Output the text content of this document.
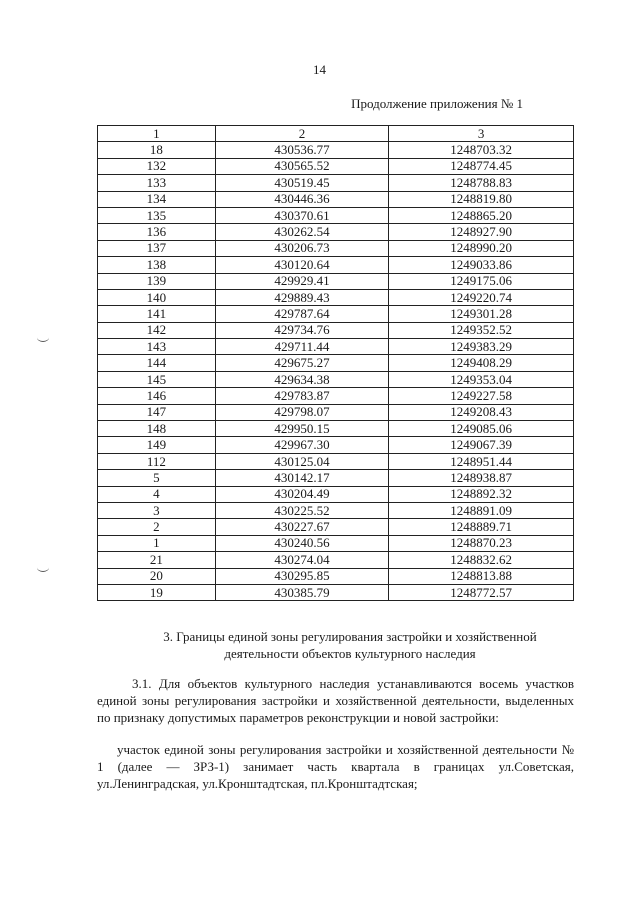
14
Продолжение приложения № 1
1	2	3
18	430536.77	1248703.32
132	430565.52	1248774.45
133	430519.45	1248788.83
134	430446.36	1248819.80
135	430370.61	1248865.20
136	430262.54	1248927.90
137	430206.73	1248990.20
138	430120.64	1249033.86
139	429929.41	1249175.06
140	429889.43	1249220.74
141	429787.64	1249301.28
142	429734.76	1249352.52
143	429711.44	1249383.29
144	429675.27	1249408.29
145	429634.38	1249353.04
146	429783.87	1249227.58
147	429798.07	1249208.43
148	429950.15	1249085.06
149	429967.30	1249067.39
112	430125.04	1248951.44
5	430142.17	1248938.87
4	430204.49	1248892.32
3	430225.52	1248891.09
2	430227.67	1248889.71
1	430240.56	1248870.23
21	430274.04	1248832.62
20	430295.85	1248813.88
19	430385.79	1248772.57
3. Границы единой зоны регулирования застройки и хозяйственной
деятельности объектов культурного наследия
3.1. Для объектов культурного наследия устанавливаются восемь участков единой зоны регулирования застройки и хозяйственной деятельности, выделенных по признаку допустимых параметров реконструкции и новой застройки:
участок единой зоны регулирования застройки и хозяйственной деятельности № 1 (далее — ЗРЗ-1) занимает часть квартала в границах ул.Советская, ул.Ленинградская, ул.Кронштадтская, пл.Кронштадтская;
